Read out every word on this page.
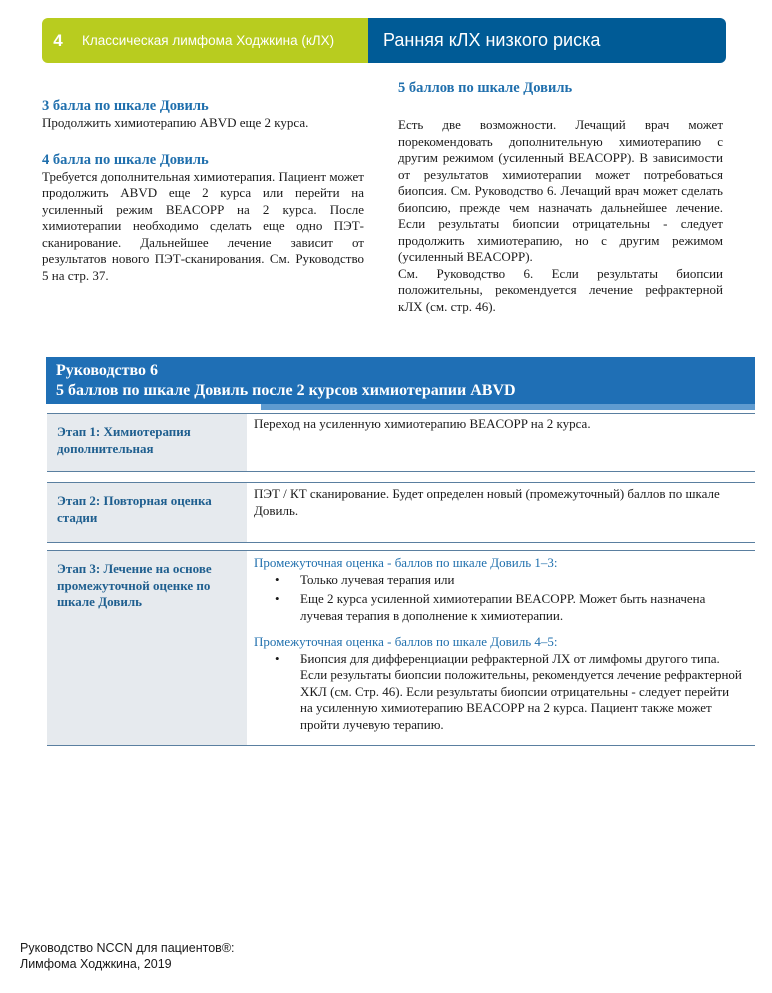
4	Классическая лимфома Ходжкина (кЛХ)	Ранняя кЛХ низкого риска
3 балла по шкале Довиль

Продолжить химиотерапию ABVD еще 2 курса.

4 балла по шкале Довиль

Требуется дополнительная химиотерапия. Пациент может продолжить ABVD еще 2 курса или перейти на усиленный режим BEACOPP на 2 курса. После химиотерапии необходимо сделать еще одно ПЭТ-сканирование. Дальнейшее лечение зависит от результатов нового ПЭТ-сканирования. См. Руководство 5 на стр. 37.

5 баллов по шкале Довиль

Есть две возможности. Лечащий врач может порекомендовать дополнительную химиотерапию с другим режимом (усиленный BEACOPP). В зависимости от результатов химиотерапии может потребоваться биопсия. См. Руководство 6. Лечащий врач может сделать биопсию, прежде чем назначать дальнейшее лечение. Если результаты биопсии отрицательны - следует продолжить химиотерапию, но с другим режимом (усиленный BEACOPP).

См. Руководство 6. Если результаты биопсии положительны, рекомендуется лечение рефрактерной кЛХ (см. стр. 46).

Руководство 6
5 баллов по шкале Довиль после 2 курсов химиотерапии ABVD
Этап 1: Химиотерапия дополнительная
Переход на усиленную химиотерапию BEACOPP на 2 курса.
Этап 2: Повторная оценка стадии
ПЭТ / КТ сканирование. Будет определен новый (промежуточный) баллов по шкале Довиль.
Этап 3: Лечение на основе промежуточной оценке по шкале Довиль
Промежуточная оценка - баллов по шкале Довиль 1–3:
•	Только лучевая терапия или
•	Еще 2 курса усиленной химиотерапии BEACOPP. Может быть назначена лучевая терапия в дополнение к химиотерапии.
Промежуточная оценка - баллов по шкале Довиль 4–5:
•	Биопсия для дифференциации рефрактерной ЛХ от лимфомы другого типа. Если результаты биопсии положительны, рекомендуется лечение рефрактерной ХКЛ (см. Стр. 46). Если результаты биопсии отрицательны - следует перейти на усиленную химиотерапию BEACOPP на 2 курса. Пациент также может пройти лучевую терапию.
Руководство NCCN для пациентов®:
Лимфома Ходжкина, 2019
